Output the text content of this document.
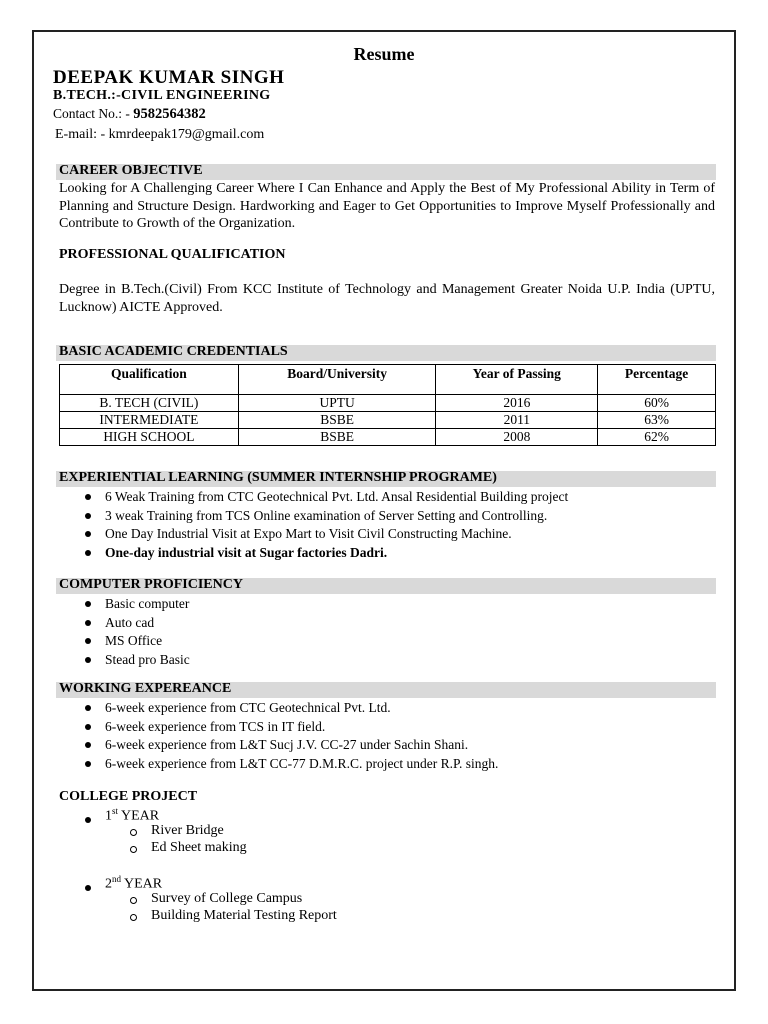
Resume
DEEPAK KUMAR SINGH
B.TECH.:-CIVIL ENGINEERING
Contact No.: - 9582564382
E-mail: - kmrdeepak179@gmail.com
CAREER OBJECTIVE
Looking for A Challenging Career Where I Can Enhance and Apply the Best of My Professional Ability in Term of Planning and Structure Design. Hardworking and Eager to Get Opportunities to Improve Myself Professionally and Contribute to Growth of the Organization.
PROFESSIONAL QUALIFICATION
Degree in B.Tech.(Civil) From KCC Institute of Technology and Management Greater Noida U.P. India (UPTU, Lucknow) AICTE Approved.
BASIC ACADEMIC CREDENTIALS
Qualification	Board/University	Year of Passing	Percentage
B. TECH (CIVIL)	UPTU	2016	60%
INTERMEDIATE	BSBE	2011	63%
HIGH SCHOOL	BSBE	2008	62%
EXPERIENTIAL LEARNING (SUMMER INTERNSHIP PROGRAME)
6 Weak Training from CTC Geotechnical Pvt. Ltd. Ansal Residential Building project
3 weak Training from TCS Online examination of Server Setting and Controlling.
One Day Industrial Visit at Expo Mart to Visit Civil Constructing Machine.
One-day industrial visit at Sugar factories Dadri.
COMPUTER PROFICIENCY
Basic computer
Auto cad
MS Office
Stead pro Basic
WORKING EXPEREANCE
6-week experience from CTC Geotechnical Pvt. Ltd.
6-week experience from TCS in IT field.
6-week experience from L&T Sucj J.V. CC-27 under Sachin Shani.
6-week experience from L&T CC-77 D.M.R.C. project under R.P. singh.
COLLEGE PROJECT
1st YEAR
River Bridge
Ed Sheet making
2nd YEAR
Survey of College Campus
Building Material Testing Report
